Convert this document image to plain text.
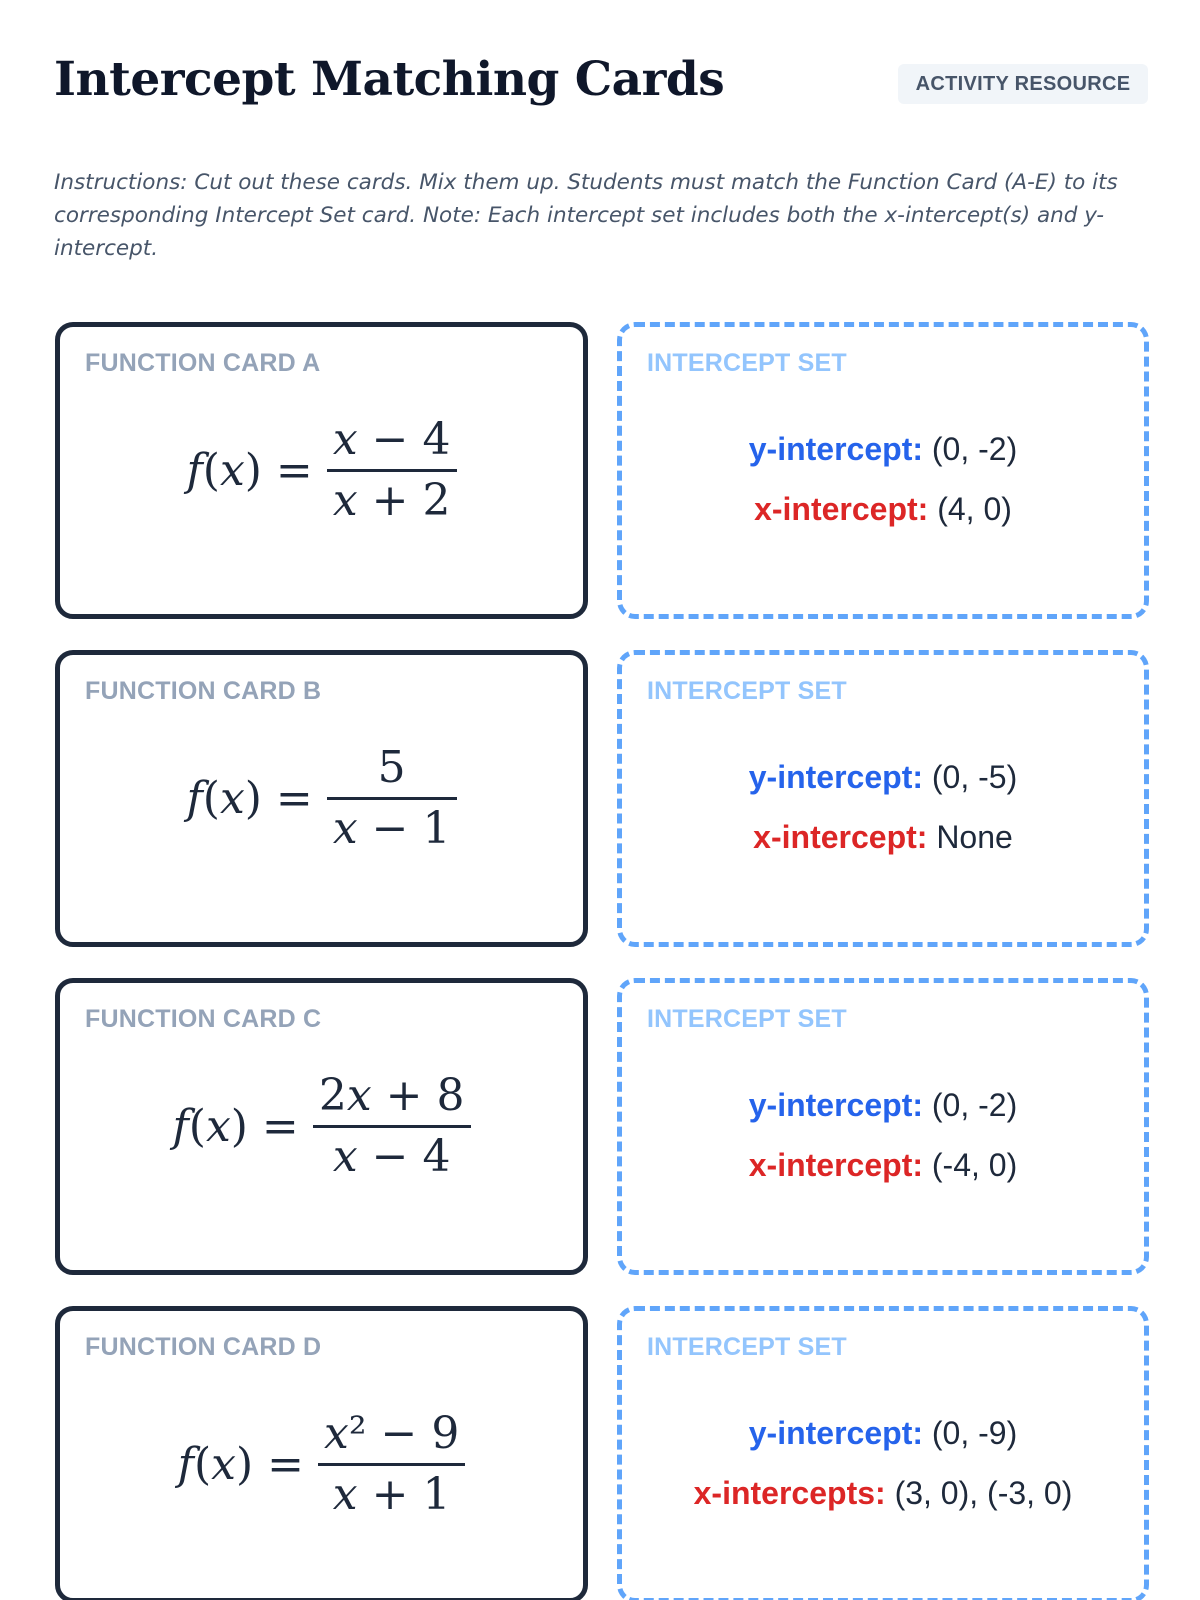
Intercept Matching Cards	ACTIVITY RESOURCE
Instructions: Cut out these cards. Mix them up. Students must match the Function Card (A-E) to its corresponding Intercept Set card. Note: Each intercept set includes both the x-intercept(s) and y-intercept.
FUNCTION CARD A
$f(x) = \frac{x - 4}{x + 2}$
INTERCEPT SET
y-intercept: (0, -2)
x-intercept: (4, 0)
FUNCTION CARD B
$f(x) = \frac{5}{x - 1}$
INTERCEPT SET
y-intercept: (0, -5)
x-intercept: None
FUNCTION CARD C
$f(x) = \frac{2x + 8}{x - 4}$
INTERCEPT SET
y-intercept: (0, -2)
x-intercept: (-4, 0)
FUNCTION CARD D
$f(x) = \frac{\text{x² − 9}}{x + 1}$
INTERCEPT SET
y-intercept: (0, -9)
x-intercepts: (3, 0), (-3, 0)
